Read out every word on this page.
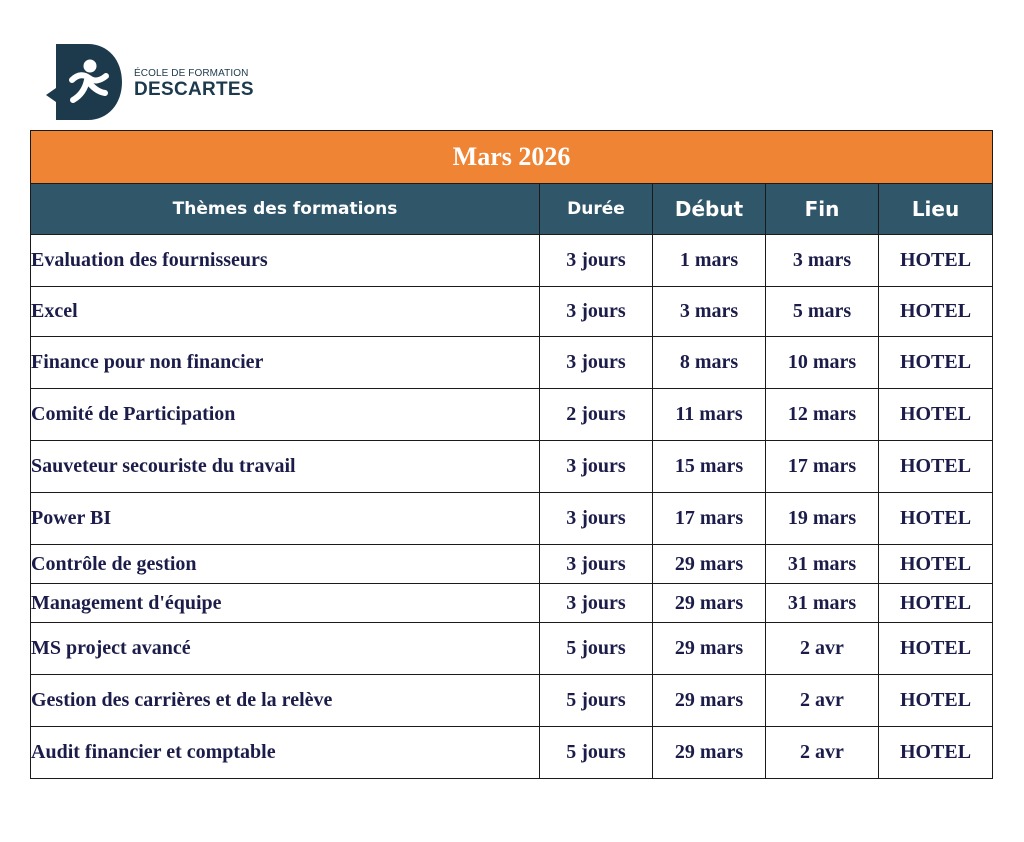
ÉCOLE DE FORMATION
DESCARTES
Mars 2026				
Thèmes des formations	Durée	Début	Fin	Lieu
Evaluation des fournisseurs	3 jours	1 mars	3 mars	HOTEL
Excel	3 jours	3 mars	5 mars	HOTEL
Finance pour non financier	3 jours	8 mars	10 mars	HOTEL
Comité de Participation	2 jours	11 mars	12 mars	HOTEL
Sauveteur secouriste du travail	3 jours	15 mars	17 mars	HOTEL
Power BI	3 jours	17 mars	19 mars	HOTEL
Contrôle de gestion	3 jours	29 mars	31 mars	HOTEL
Management d'équipe	3 jours	29 mars	31 mars	HOTEL
MS project avancé	5 jours	29 mars	2 avr	HOTEL
Gestion des carrières et de la relève	5 jours	29 mars	2 avr	HOTEL
Audit financier et comptable	5 jours	29 mars	2 avr	HOTEL
